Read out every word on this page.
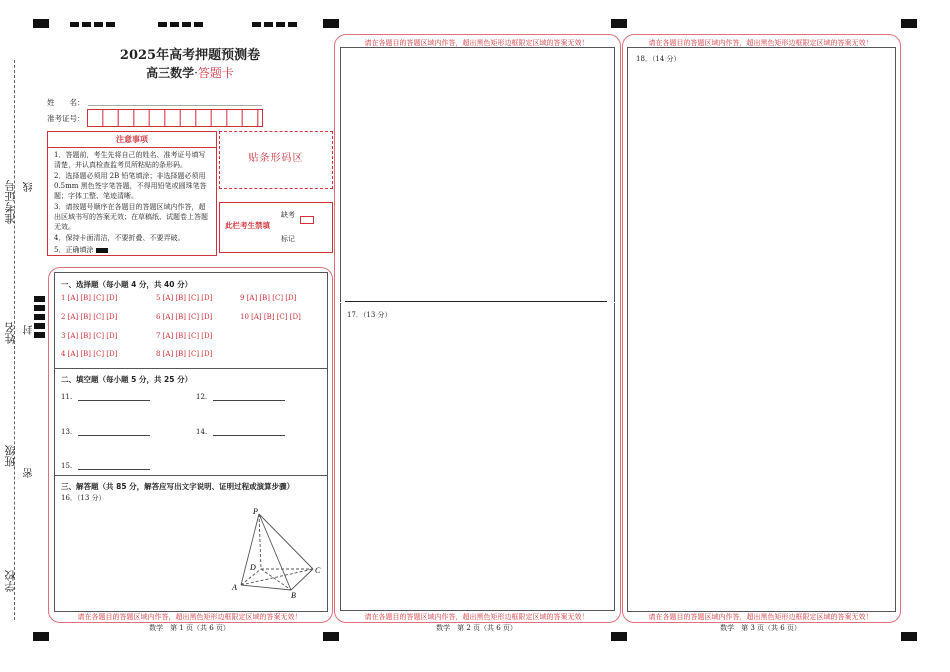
准考证号 线
姓名 封
班级
密
学校
2025年高考押题预测卷
高三数学·答题卡
姓　　名：
准考证号：
注意事项
1．答题前，考生先将自己的姓名、准考证号填写清楚，并认真检查监考员所粘贴的条形码。
2．选择题必须用 2B 铅笔填涂；非选择题必须用 0.5mm 黑色签字笔答题，不得用铅笔或圆珠笔答题；字体工整、笔迹清晰。
3．请按题号顺序在各题目的答题区域内作答，超出区域书写的答案无效；在草稿纸、试题卷上答题无效。
4．保持卡面清洁，不要折叠、不要弄破。
5．正确填涂
贴条形码区
此栏考生禁填
缺考
标记
一、选择题（每小题 4 分，共 40 分）
1 [A] [B] [C] [D]
2 [A] [B] [C] [D]
3 [A] [B] [C] [D]
4 [A] [B] [C] [D]
5 [A] [B] [C] [D]
6 [A] [B] [C] [D]
7 [A] [B] [C] [D]
8 [A] [B] [C] [D]
9 [A] [B] [C] [D]
10 [A] [B] [C] [D]
二、填空题（每小题 5 分，共 25 分）
11.	12.
13.	14.
15.
三、解答题（共 85 分，解答应写出文字说明、证明过程或演算步骤）
16．（13 分）
P
D	C
A
B
请在各题目的答题区域内作答，超出黑色矩形边框限定区域的答案无效！
数学　第 1 页（共 6 页）
请在各题目的答题区域内作答，超出黑色矩形边框限定区域的答案无效！
17．（13 分）
请在各题目的答题区域内作答，超出黑色矩形边框限定区域的答案无效！
数学　第 2 页（共 6 页）
请在各题目的答题区域内作答，超出黑色矩形边框限定区域的答案无效！
18．（14 分）
请在各题目的答题区域内作答，超出黑色矩形边框限定区域的答案无效！
数学　第 3 页（共 6 页）
